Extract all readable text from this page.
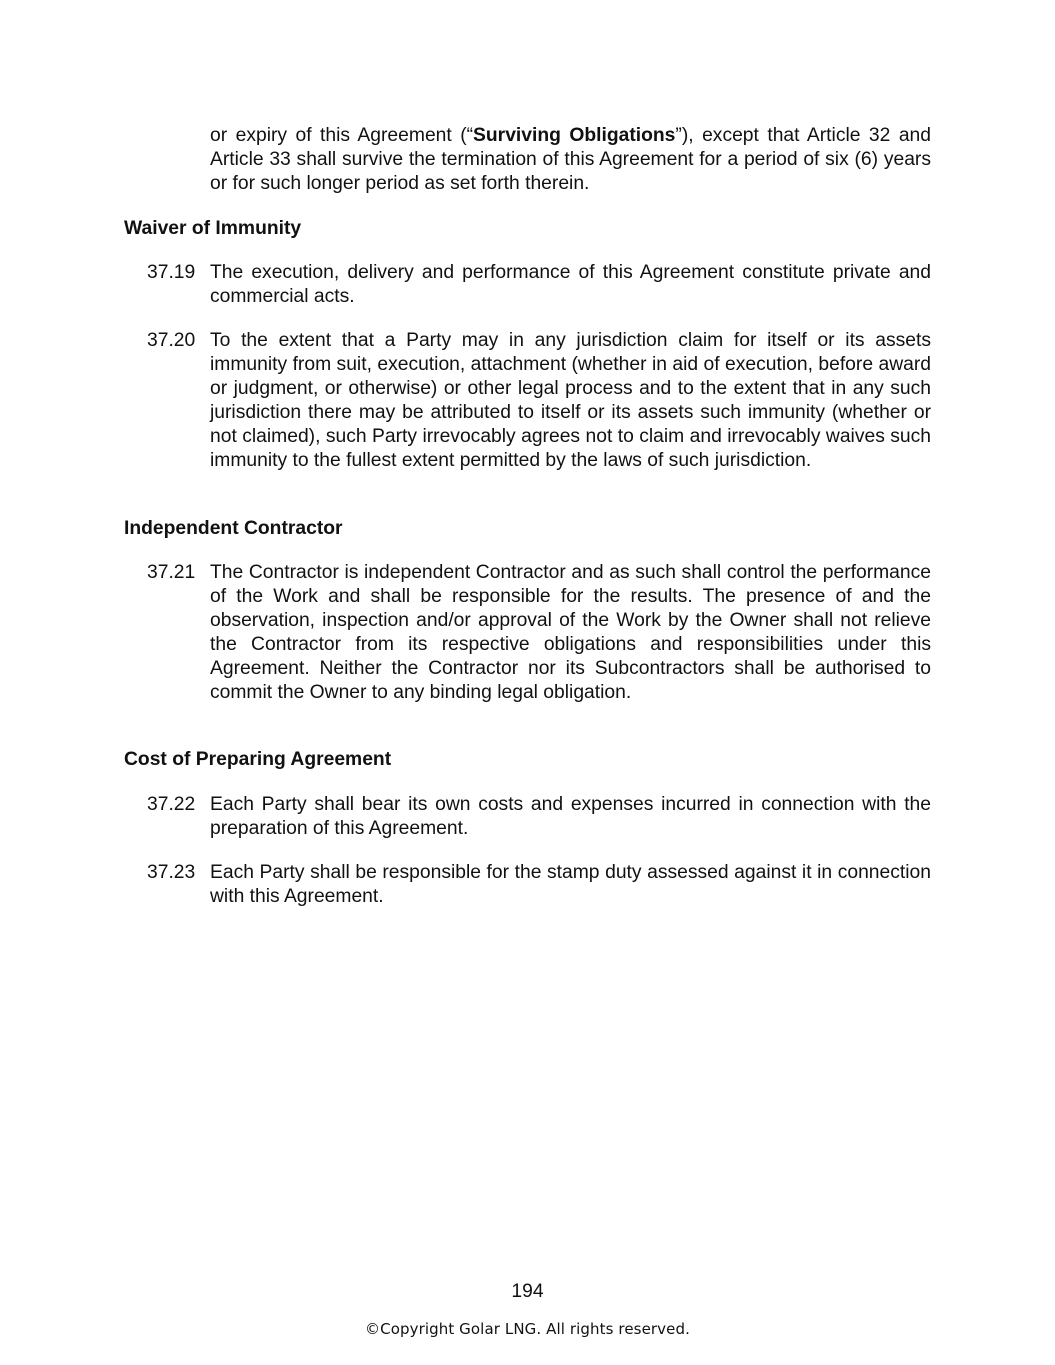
or expiry of this Agreement (“Surviving Obligations”), except that Article 32 and Article 33 shall survive the termination of this Agreement for a period of six (6) years or for such longer period as set forth therein.

Waiver of Immunity
37.19 The execution, delivery and performance of this Agreement constitute private and commercial acts.

37.20 To the extent that a Party may in any jurisdiction claim for itself or its assets immunity from suit, execution, attachment (whether in aid of execution, before award or judgment, or otherwise) or other legal process and to the extent that in any such jurisdiction there may be attributed to itself or its assets such immunity (whether or not claimed), such Party irrevocably agrees not to claim and irrevocably waives such immunity to the fullest extent permitted by the laws of such jurisdiction.

Independent Contractor
37.21 The Contractor is independent Contractor and as such shall control the performance of the Work and shall be responsible for the results. The presence of and the observation, inspection and/or approval of the Work by the Owner shall not relieve the Contractor from its respective obligations and responsibilities under this Agreement. Neither the Contractor nor its Subcontractors shall be authorised to commit the Owner to any binding legal obligation.

Cost of Preparing Agreement
37.22 Each Party shall bear its own costs and expenses incurred in connection with the preparation of this Agreement.

37.23 Each Party shall be responsible for the stamp duty assessed against it in connection with this Agreement.

194
©Copyright Golar LNG. All rights reserved.
